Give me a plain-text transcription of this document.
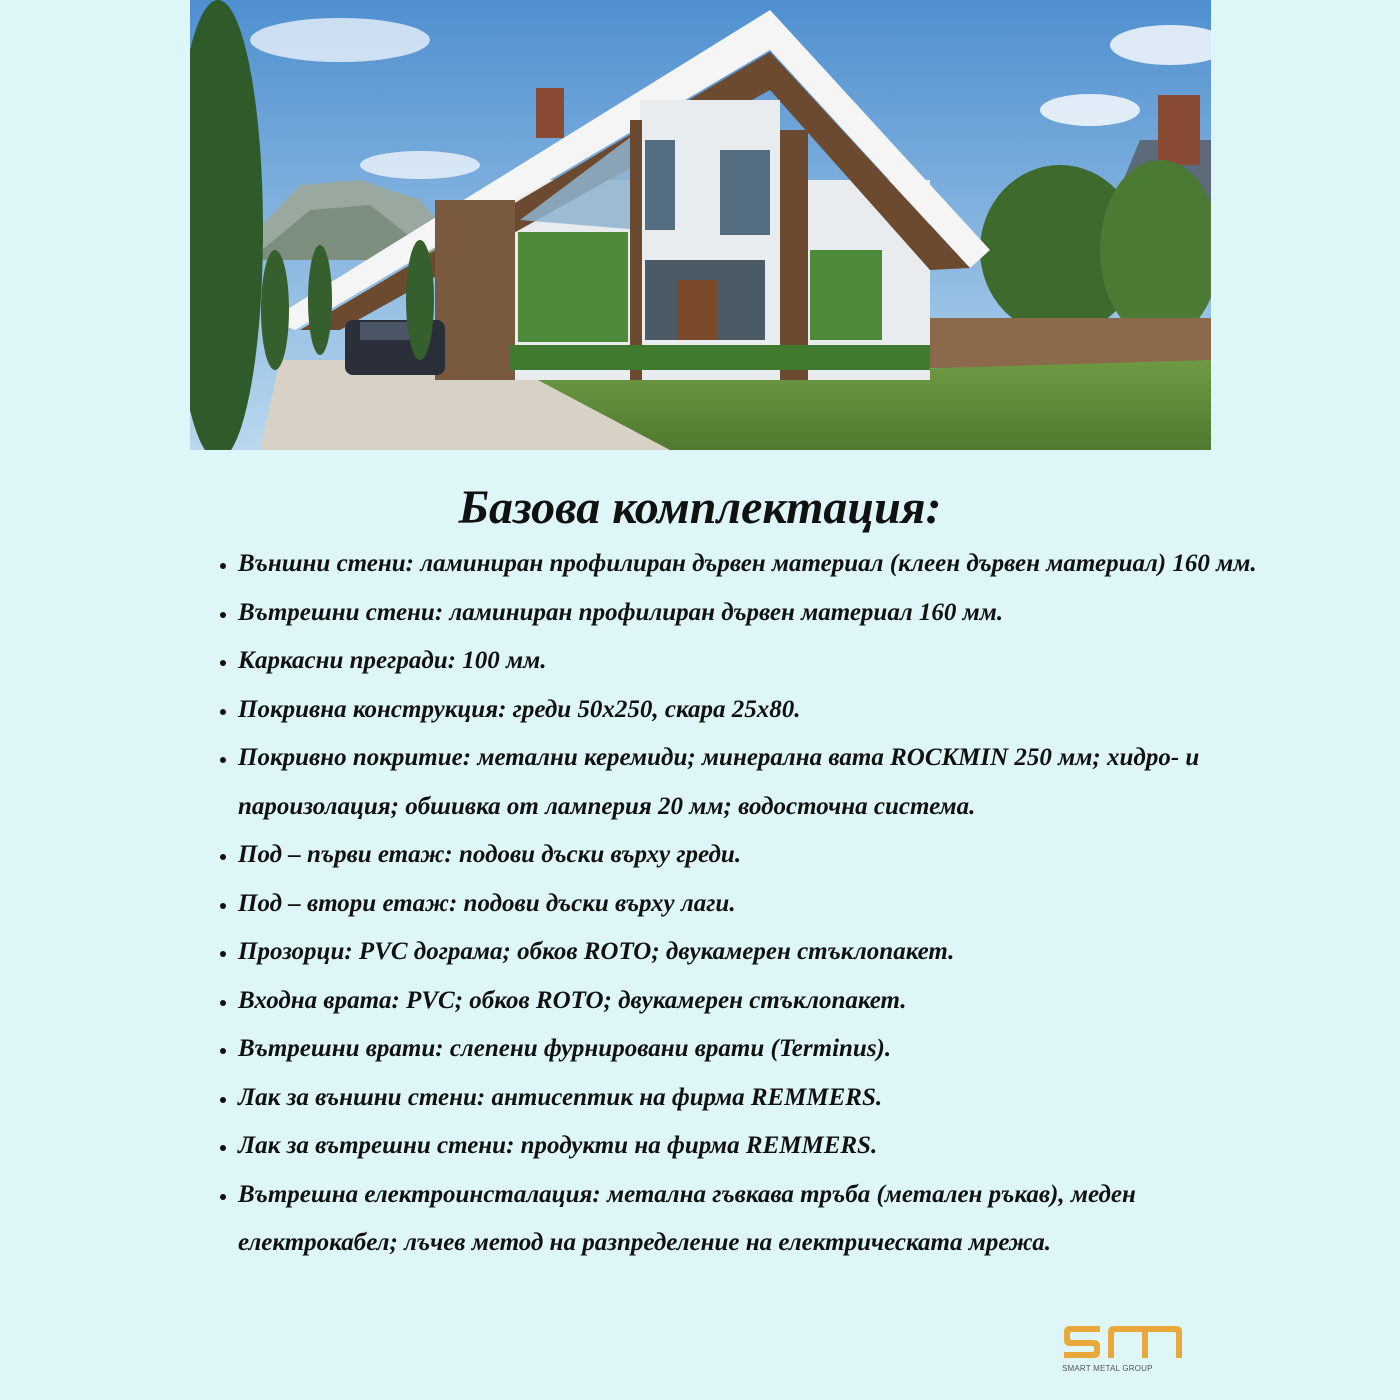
Базова комплектация:
• Външни стени: ламиниран профилиран дървен материал (клеен дървен материал) 160 мм.
• Вътрешни стени: ламиниран профилиран дървен материал 160 мм.
• Каркасни прегради: 100 мм.
• Покривна конструкция: греди 50x250, скара 25x80.
• Покривно покритие: метални керемиди; минерална вата ROCKMIN 250 мм; хидро- и пароизолация; обшивка от ламперия 20 мм; водосточна система.
• Под – първи етаж: подови дъски върху греди.
• Под – втори етаж: подови дъски върху лаги.
• Прозорци: PVC дограма; обков ROTO; двукамерен стъклопакет.
• Входна врата: PVC; обков ROTO; двукамерен стъклопакет.
• Вътрешни врати: слепени фурнировани врати (Terminus).
• Лак за външни стени: антисептик на фирма REMMERS.
• Лак за вътрешни стени: продукти на фирма REMMERS.
• Вътрешна електроинсталация: метална гъвкава тръба (метален ръкав), меден електрокабел; лъчев метод на разпределение на електрическата мрежа.
SMART METAL GROUP
